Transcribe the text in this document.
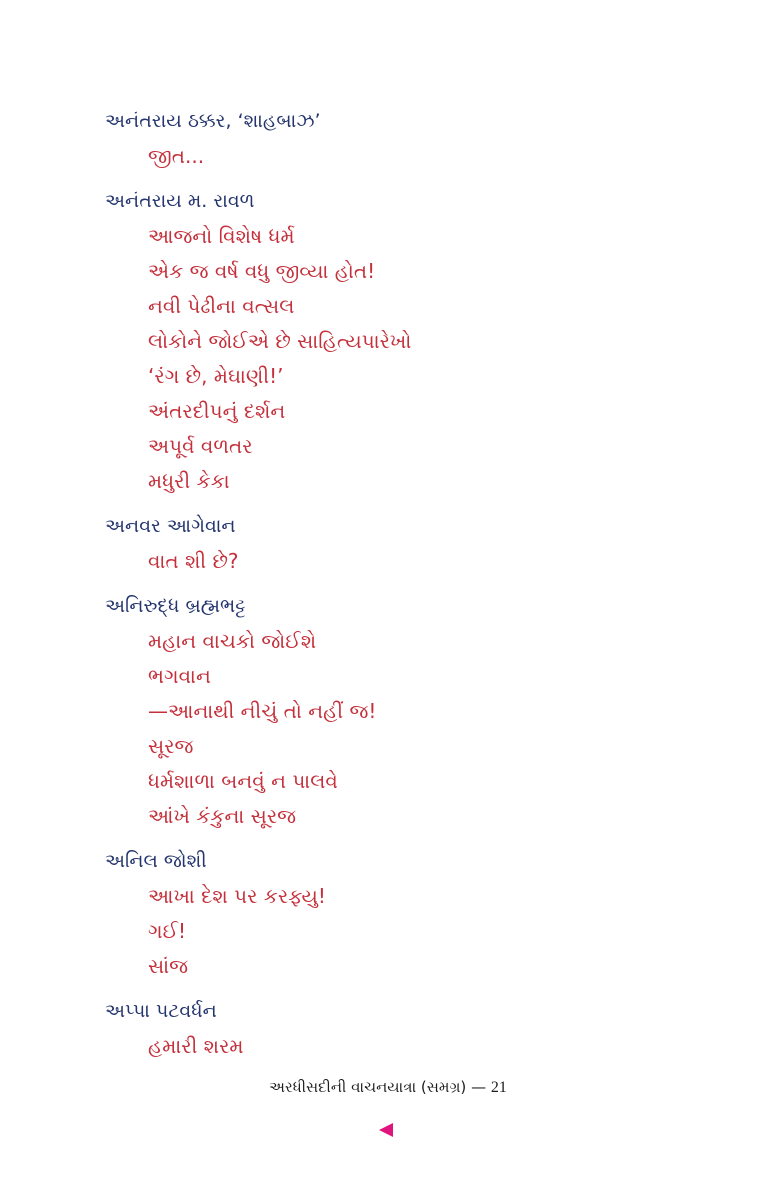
અનંતરાય ઠક્કર, ‘શાહબાઝ’
જીત...
અનંતરાય મ. રાવળ
આજનો વિશેષ ધર્મ
એક જ વર્ષ વધુ જીવ્યા હોત!
નવી પેઢીના વત્સલ
લોકોને જોઈએ છે સાહિત્યપારેખો
‘રંગ છે, મેઘાણી!’
અંતરદીપનું દર્શન
અપૂર્વ વળતર
મધુરી કેકા
અનવર આગેવાન
વાત શી છે?
અનિરુદ્ધ બ્રહ્મભટ્ટ
મહાન વાચકો જોઈશે
ભગવાન
—આનાથી નીચું તો નહીં જ!
સૂરજ
ધર્મશાળા બનવું ન પાલવે
આંખે કંકુના સૂરજ
અનિલ જોશી
આખા દેશ પર કરફ્યુ!
ગઈ!
સાંજ
અપ્પા પટવર્ધન
હમારી શરમ
અરધીસદીની વાચનયાત્રા (સમગ્ર) — 21
